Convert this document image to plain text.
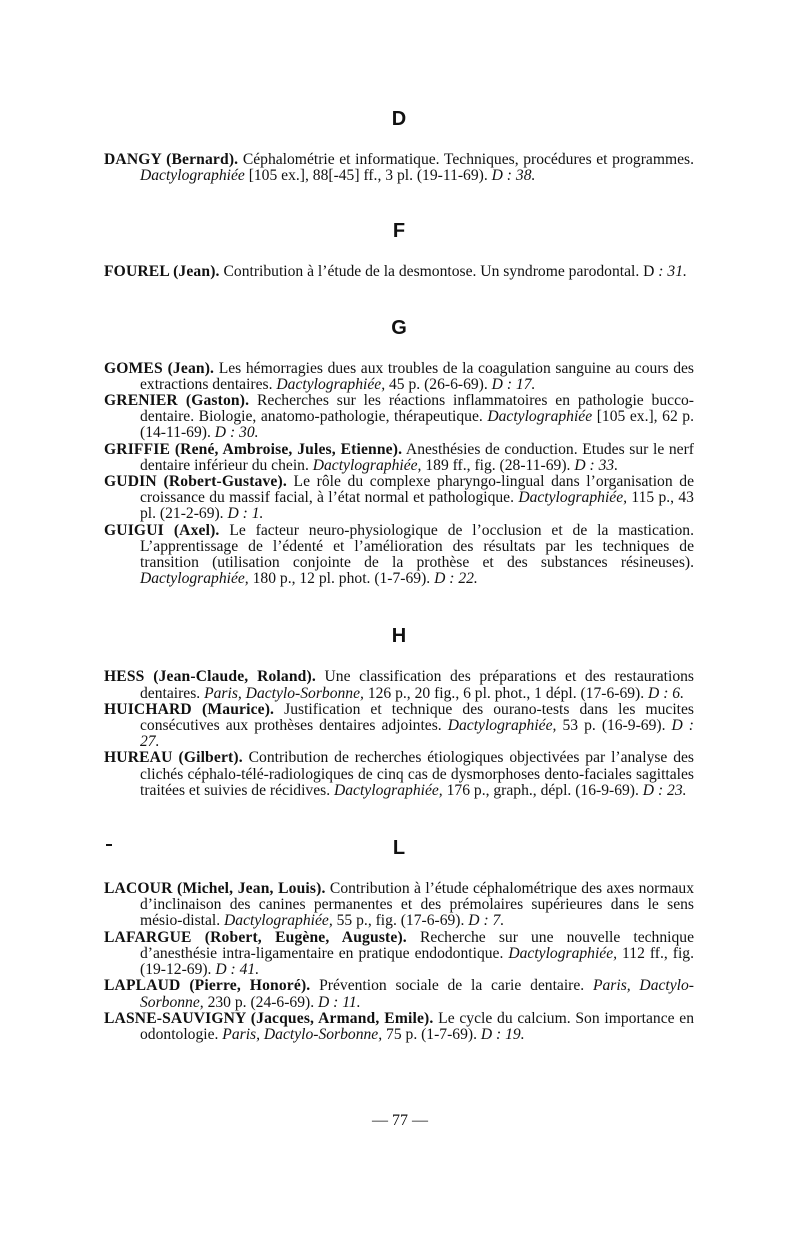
D

DANGY (Bernard). Céphalométrie et informatique. Techniques, procédures et programmes. Dactylographiée [105 ex.], 88[-45] ff., 3 pl. (19-11-69). D : 38.

F

FOUREL (Jean). Contribution à l’étude de la desmontose. Un syndrome parodontal. D : 31.

G

GOMES (Jean). Les hémorragies dues aux troubles de la coagulation sanguine au cours des extractions dentaires. Dactylographiée, 45 p. (26-6-69). D : 17.

GRENIER (Gaston). Recherches sur les réactions inflammatoires en pathologie bucco-dentaire. Biologie, anatomo-pathologie, thérapeutique. Dactylographiée [105 ex.], 62 p. (14-11-69). D : 30.

GRIFFIE (René, Ambroise, Jules, Etienne). Anesthésies de conduction. Etudes sur le nerf dentaire inférieur du chein. Dactylographiée, 189 ff., fig. (28-11-69). D : 33.

GUDIN (Robert-Gustave). Le rôle du complexe pharyngo-lingual dans l’organisation de croissance du massif facial, à l’état normal et pathologique. Dactylographiée, 115 p., 43 pl. (21-2-69). D : 1.

GUIGUI (Axel). Le facteur neuro-physiologique de l’occlusion et de la mastication. L’apprentissage de l’édenté et l’amélioration des résultats par les techniques de transition (utilisation conjointe de la prothèse et des substances résineuses). Dactylographiée, 180 p., 12 pl. phot. (1-7-69). D : 22.

H

HESS (Jean-Claude, Roland). Une classification des préparations et des restaurations dentaires. Paris, Dactylo-Sorbonne, 126 p., 20 fig., 6 pl. phot., 1 dépl. (17-6-69). D : 6.

HUICHARD (Maurice). Justification et technique des ourano-tests dans les mucites consécutives aux prothèses dentaires adjointes. Dactylographiée, 53 p. (16-9-69). D : 27.

HUREAU (Gilbert). Contribution de recherches étiologiques objectivées par l’analyse des clichés céphalo-télé-radiologiques de cinq cas de dysmorphoses dento-faciales sagittales traitées et suivies de récidives. Dactylographiée, 176 p., graph., dépl. (16-9-69). D : 23.

L

LACOUR (Michel, Jean, Louis). Contribution à l’étude céphalométrique des axes normaux d’inclinaison des canines permanentes et des prémolaires supérieures dans le sens mésio-distal. Dactylographiée, 55 p., fig. (17-6-69). D : 7.

LAFARGUE (Robert, Eugène, Auguste). Recherche sur une nouvelle technique d’anesthésie intra-ligamentaire en pratique endodontique. Dactylographiée, 112 ff., fig. (19-12-69). D : 41.

LAPLAUD (Pierre, Honoré). Prévention sociale de la carie dentaire. Paris, Dactylo-Sorbonne, 230 p. (24-6-69). D : 11.

LASNE-SAUVIGNY (Jacques, Armand, Emile). Le cycle du calcium. Son importance en odontologie. Paris, Dactylo-Sorbonne, 75 p. (1-7-69). D : 19.

— 77 —
